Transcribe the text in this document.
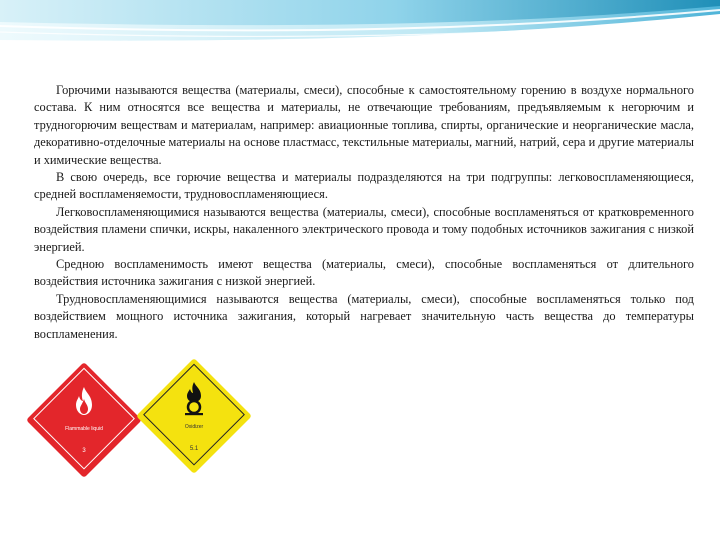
Горючими называются вещества (материалы, смеси), способные к самостоятельному горению в воздухе нормального состава. К ним относятся все вещества и материалы, не отвечающие требованиям, предъявляемым к негорючим и трудногорючим веществам и материалам, например: авиационные топлива, спирты, органические и неорганические масла, декоративно-отделочные материалы на основе пластмасс, текстильные материалы, магний, натрий, сера и другие материалы и химические вещества.

В свою очередь, все горючие вещества и материалы подразделяются на три подгруппы: легковоспламеняющиеся, средней воспламеняемости, трудновоспламеняющиеся.

Легковоспламеняющимися называются вещества (материалы, смеси), способные воспламеняться от кратковременного воздействия пламени спички, искры, накаленного электрического провода и тому подобных источников зажигания с низкой энергией.

Средною воспламенимость имеют вещества (материалы, смеси), способные воспламеняться от длительного воздействия источника зажигания с низкой энергией.

Трудновоспламеняющимися называются вещества (материалы, смеси), способные воспламеняться только под воздействием мощного источника зажигания, который нагревает значительную часть вещества до температуры воспламенения.

Flammable liquid
3
Oxidizer
5.1
